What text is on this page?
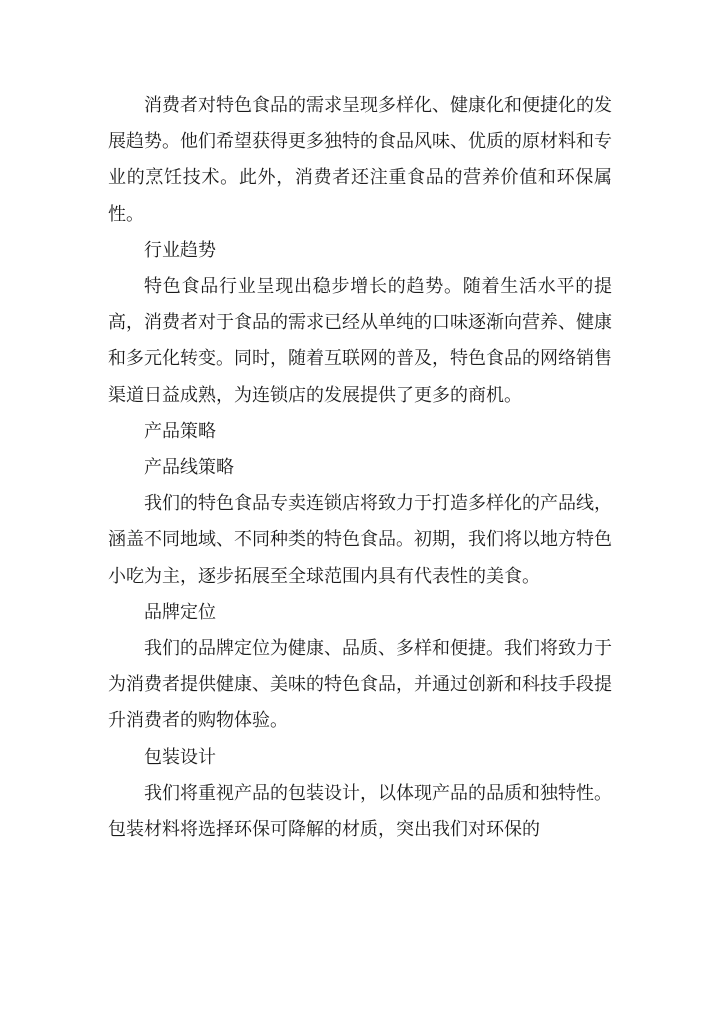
消费者对特色食品的需求呈现多样化、健康化和便捷化的发展趋势。他们希望获得更多独特的食品风味、优质的原材料和专业的烹饪技术。此外，消费者还注重食品的营养价值和环保属性。

行业趋势

特色食品行业呈现出稳步增长的趋势。随着生活水平的提高，消费者对于食品的需求已经从单纯的口味逐渐向营养、健康和多元化转变。同时，随着互联网的普及，特色食品的网络销售渠道日益成熟，为连锁店的发展提供了更多的商机。

产品策略

产品线策略

我们的特色食品专卖连锁店将致力于打造多样化的产品线，涵盖不同地域、不同种类的特色食品。初期，我们将以地方特色小吃为主，逐步拓展至全球范围内具有代表性的美食。

品牌定位

我们的品牌定位为健康、品质、多样和便捷。我们将致力于为消费者提供健康、美味的特色食品，并通过创新和科技手段提升消费者的购物体验。

包装设计

我们将重视产品的包装设计，以体现产品的品质和独特性。包装材料将选择环保可降解的材质，突出我们对环保的
